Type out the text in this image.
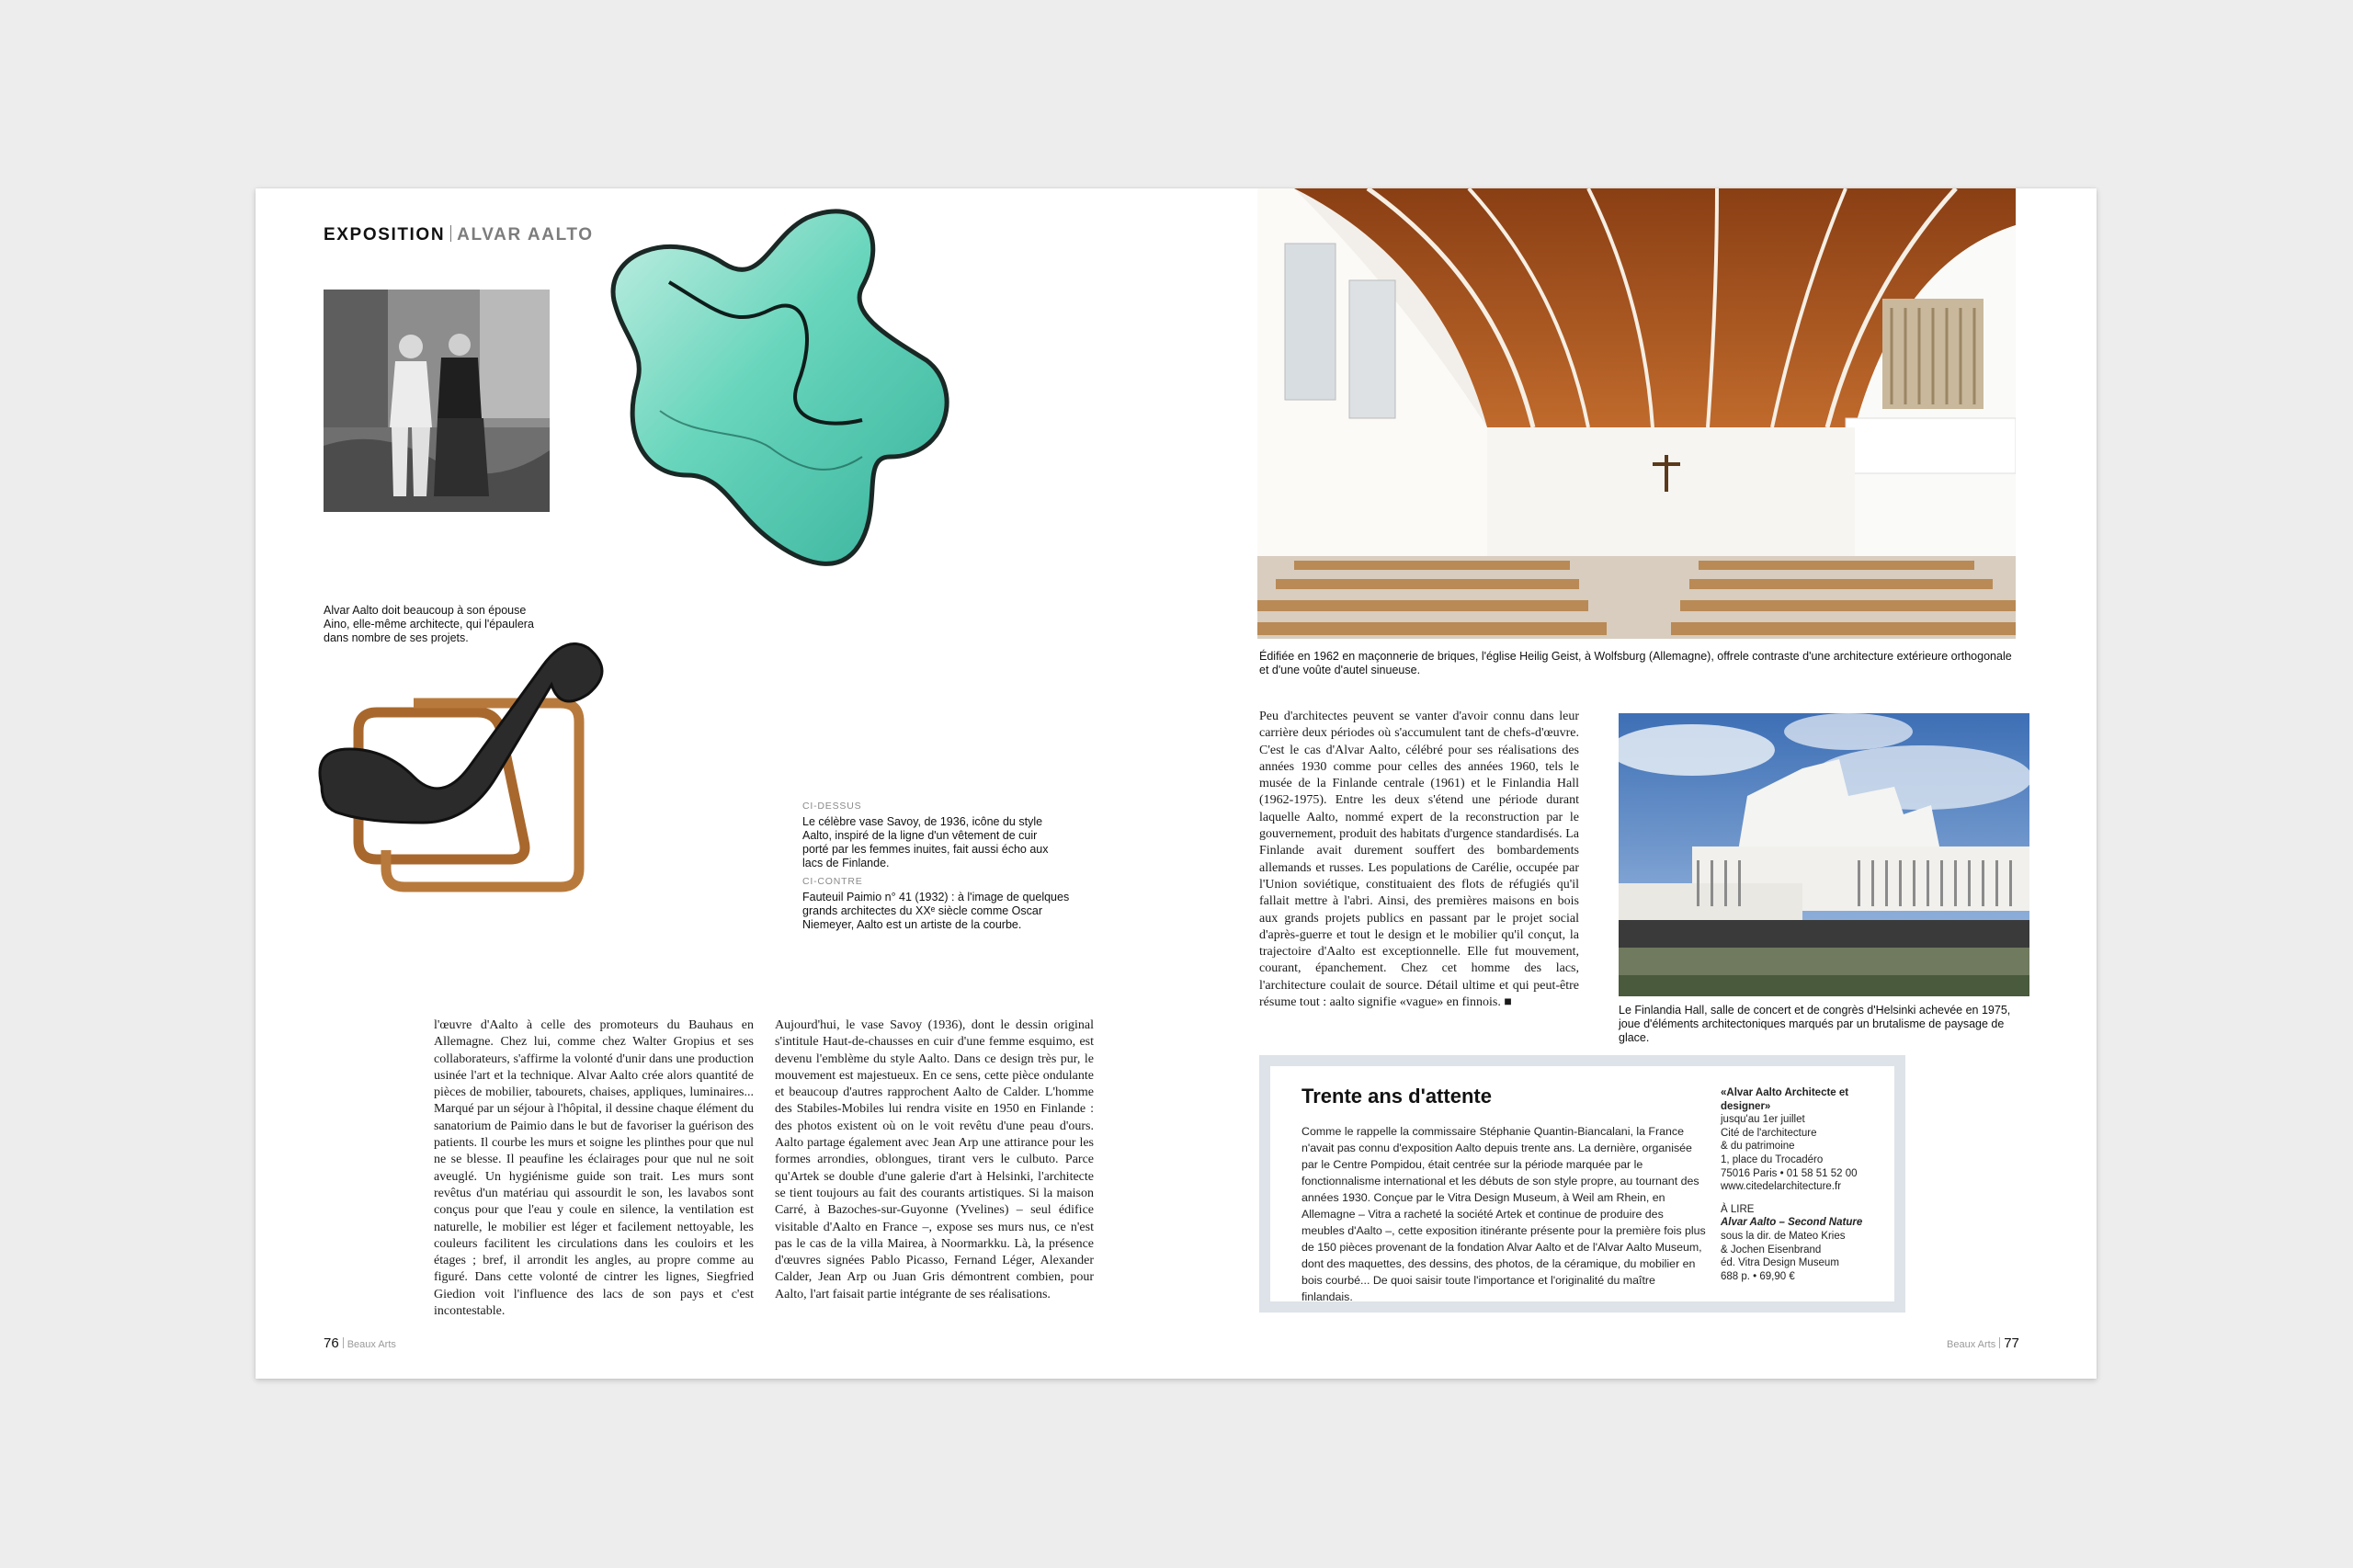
EXPOSITION ALVAR AALTO
Alvar Aalto doit beaucoup à son épouse Aino, elle-même architecte, qui l'épaulera dans nombre de ses projets.
CI-DESSUS
Le célèbre vase Savoy, de 1936, icône du style Aalto, inspiré de la ligne d'un vêtement de cuir porté par les femmes inuites, fait aussi écho aux lacs de Finlande.
CI-CONTRE
Fauteuil Paimio n° 41 (1932) : à l'image de quelques grands architectes du XXᵉ siècle comme Oscar Niemeyer, Aalto est un artiste de la courbe.
l'œuvre d'Aalto à celle des promoteurs du Bauhaus en Allemagne. Chez lui, comme chez Walter Gropius et ses collaborateurs, s'affirme la volonté d'unir dans une production usinée l'art et la technique. Alvar Aalto crée alors quantité de pièces de mobilier, tabourets, chaises, appliques, luminaires... Marqué par un séjour à l'hôpital, il dessine chaque élément du sanatorium de Paimio dans le but de favoriser la guérison des patients. Il courbe les murs et soigne les plinthes pour que nul ne se blesse. Il peaufine les éclairages pour que nul ne soit aveuglé. Un hygiénisme guide son trait. Les murs sont revêtus d'un matériau qui assourdit le son, les lavabos sont conçus pour que l'eau y coule en silence, la ventilation est naturelle, le mobilier est léger et facilement nettoyable, les couleurs facilitent les circulations dans les couloirs et les étages ; bref, il arrondit les angles, au propre comme au figuré. Dans cette volonté de cintrer les lignes, Siegfried Giedion voit l'influence des lacs de son pays et c'est incontestable.
Aujourd'hui, le vase Savoy (1936), dont le dessin original s'intitule Haut-de-chausses en cuir d'une femme esquimo, est devenu l'emblème du style Aalto. Dans ce design très pur, le mouvement est majestueux. En ce sens, cette pièce ondulante et beaucoup d'autres rapprochent Aalto de Calder. L'homme des Stabiles-Mobiles lui rendra visite en 1950 en Finlande : des photos existent où on le voit revêtu d'une peau d'ours. Aalto partage également avec Jean Arp une attirance pour les formes arrondies, oblongues, tirant vers le culbuto. Parce qu'Artek se double d'une galerie d'art à Helsinki, l'architecte se tient toujours au fait des courants artistiques. Si la maison Carré, à Bazoches-sur-Guyonne (Yvelines) – seul édifice visitable d'Aalto en France –, expose ses murs nus, ce n'est pas le cas de la villa Mairea, à Noormarkku. Là, la présence d'œuvres signées Pablo Picasso, Fernand Léger, Alexander Calder, Jean Arp ou Juan Gris démontrent combien, pour Aalto, l'art faisait partie intégrante de ses réalisations.
Édifiée en 1962 en maçonnerie de briques, l'église Heilig Geist, à Wolfsburg (Allemagne), offrele contraste d'une architecture extérieure orthogonale et d'une voûte d'autel sinueuse.
Peu d'architectes peuvent se vanter d'avoir connu dans leur carrière deux périodes où s'accumulent tant de chefs-d'œuvre. C'est le cas d'Alvar Aalto, célébré pour ses réalisations des années 1930 comme pour celles des années 1960, tels le musée de la Finlande centrale (1961) et le Finlandia Hall (1962-1975). Entre les deux s'étend une période durant laquelle Aalto, nommé expert de la reconstruction par le gouvernement, produit des habitats d'urgence standardisés. La Finlande avait durement souffert des bombardements allemands et russes. Les populations de Carélie, occupée par l'Union soviétique, constituaient des flots de réfugiés qu'il fallait mettre à l'abri. Ainsi, des premières maisons en bois aux grands projets publics en passant par le projet social d'après-guerre et tout le design et le mobilier qu'il conçut, la trajectoire d'Aalto est exceptionnelle. Elle fut mouvement, courant, épanchement. Chez cet homme des lacs, l'architecture coulait de source. Détail ultime et qui peut-être résume tout : aalto signifie «vague» en finnois. ■
Le Finlandia Hall, salle de concert et de congrès d'Helsinki achevée en 1975, joue d'éléments architectoniques marqués par un brutalisme de paysage de glace.
Trente ans d'attente
Comme le rappelle la commissaire Stéphanie Quantin-Biancalani, la France n'avait pas connu d'exposition Aalto depuis trente ans. La dernière, organisée par le Centre Pompidou, était centrée sur la période marquée par le fonctionnalisme international et les débuts de son style propre, au tournant des années 1930. Conçue par le Vitra Design Museum, à Weil am Rhein, en Allemagne – Vitra a racheté la société Artek et continue de produire des meubles d'Aalto –, cette exposition itinérante présente pour la première fois plus de 150 pièces provenant de la fondation Alvar Aalto et de l'Alvar Aalto Museum, dont des maquettes, des dessins, des photos, de la céramique, du mobilier en bois courbé... De quoi saisir toute l'importance et l'originalité du maître finlandais.
«Alvar Aalto Architecte et designer»
jusqu'au 1er juillet
Cité de l'architecture
& du patrimoine
1, place du Trocadéro
75016 Paris • 01 58 51 52 00
www.citedelarchitecture.fr
À LIRE
Alvar Aalto – Second Nature
sous la dir. de Mateo Kries
& Jochen Eisenbrand
éd. Vitra Design Museum
688 p. • 69,90 €
76 Beaux Arts	Beaux Arts 77
